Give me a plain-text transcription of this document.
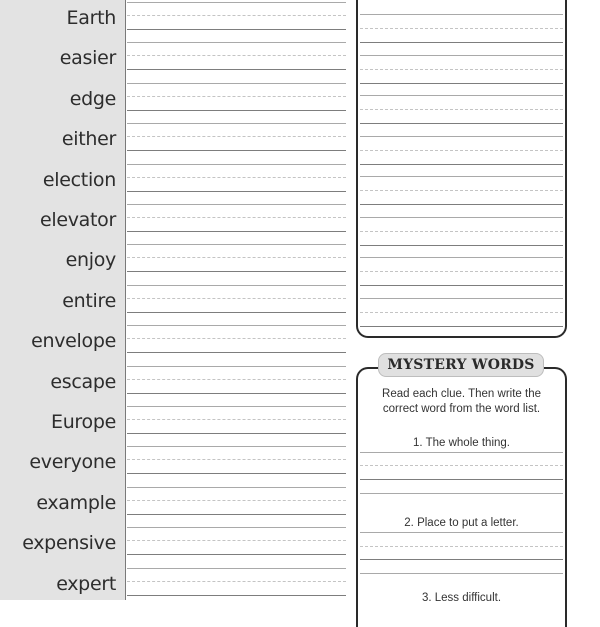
Earth
easier
edge
either
election
elevator
enjoy
entire
envelope
escape
Europe
everyone
example
expensive
expert
MYSTERY WORDS
Read each clue. Then write the
correct word from the word list.
1. The whole thing.
2. Place to put a letter.
3. Less difficult.
